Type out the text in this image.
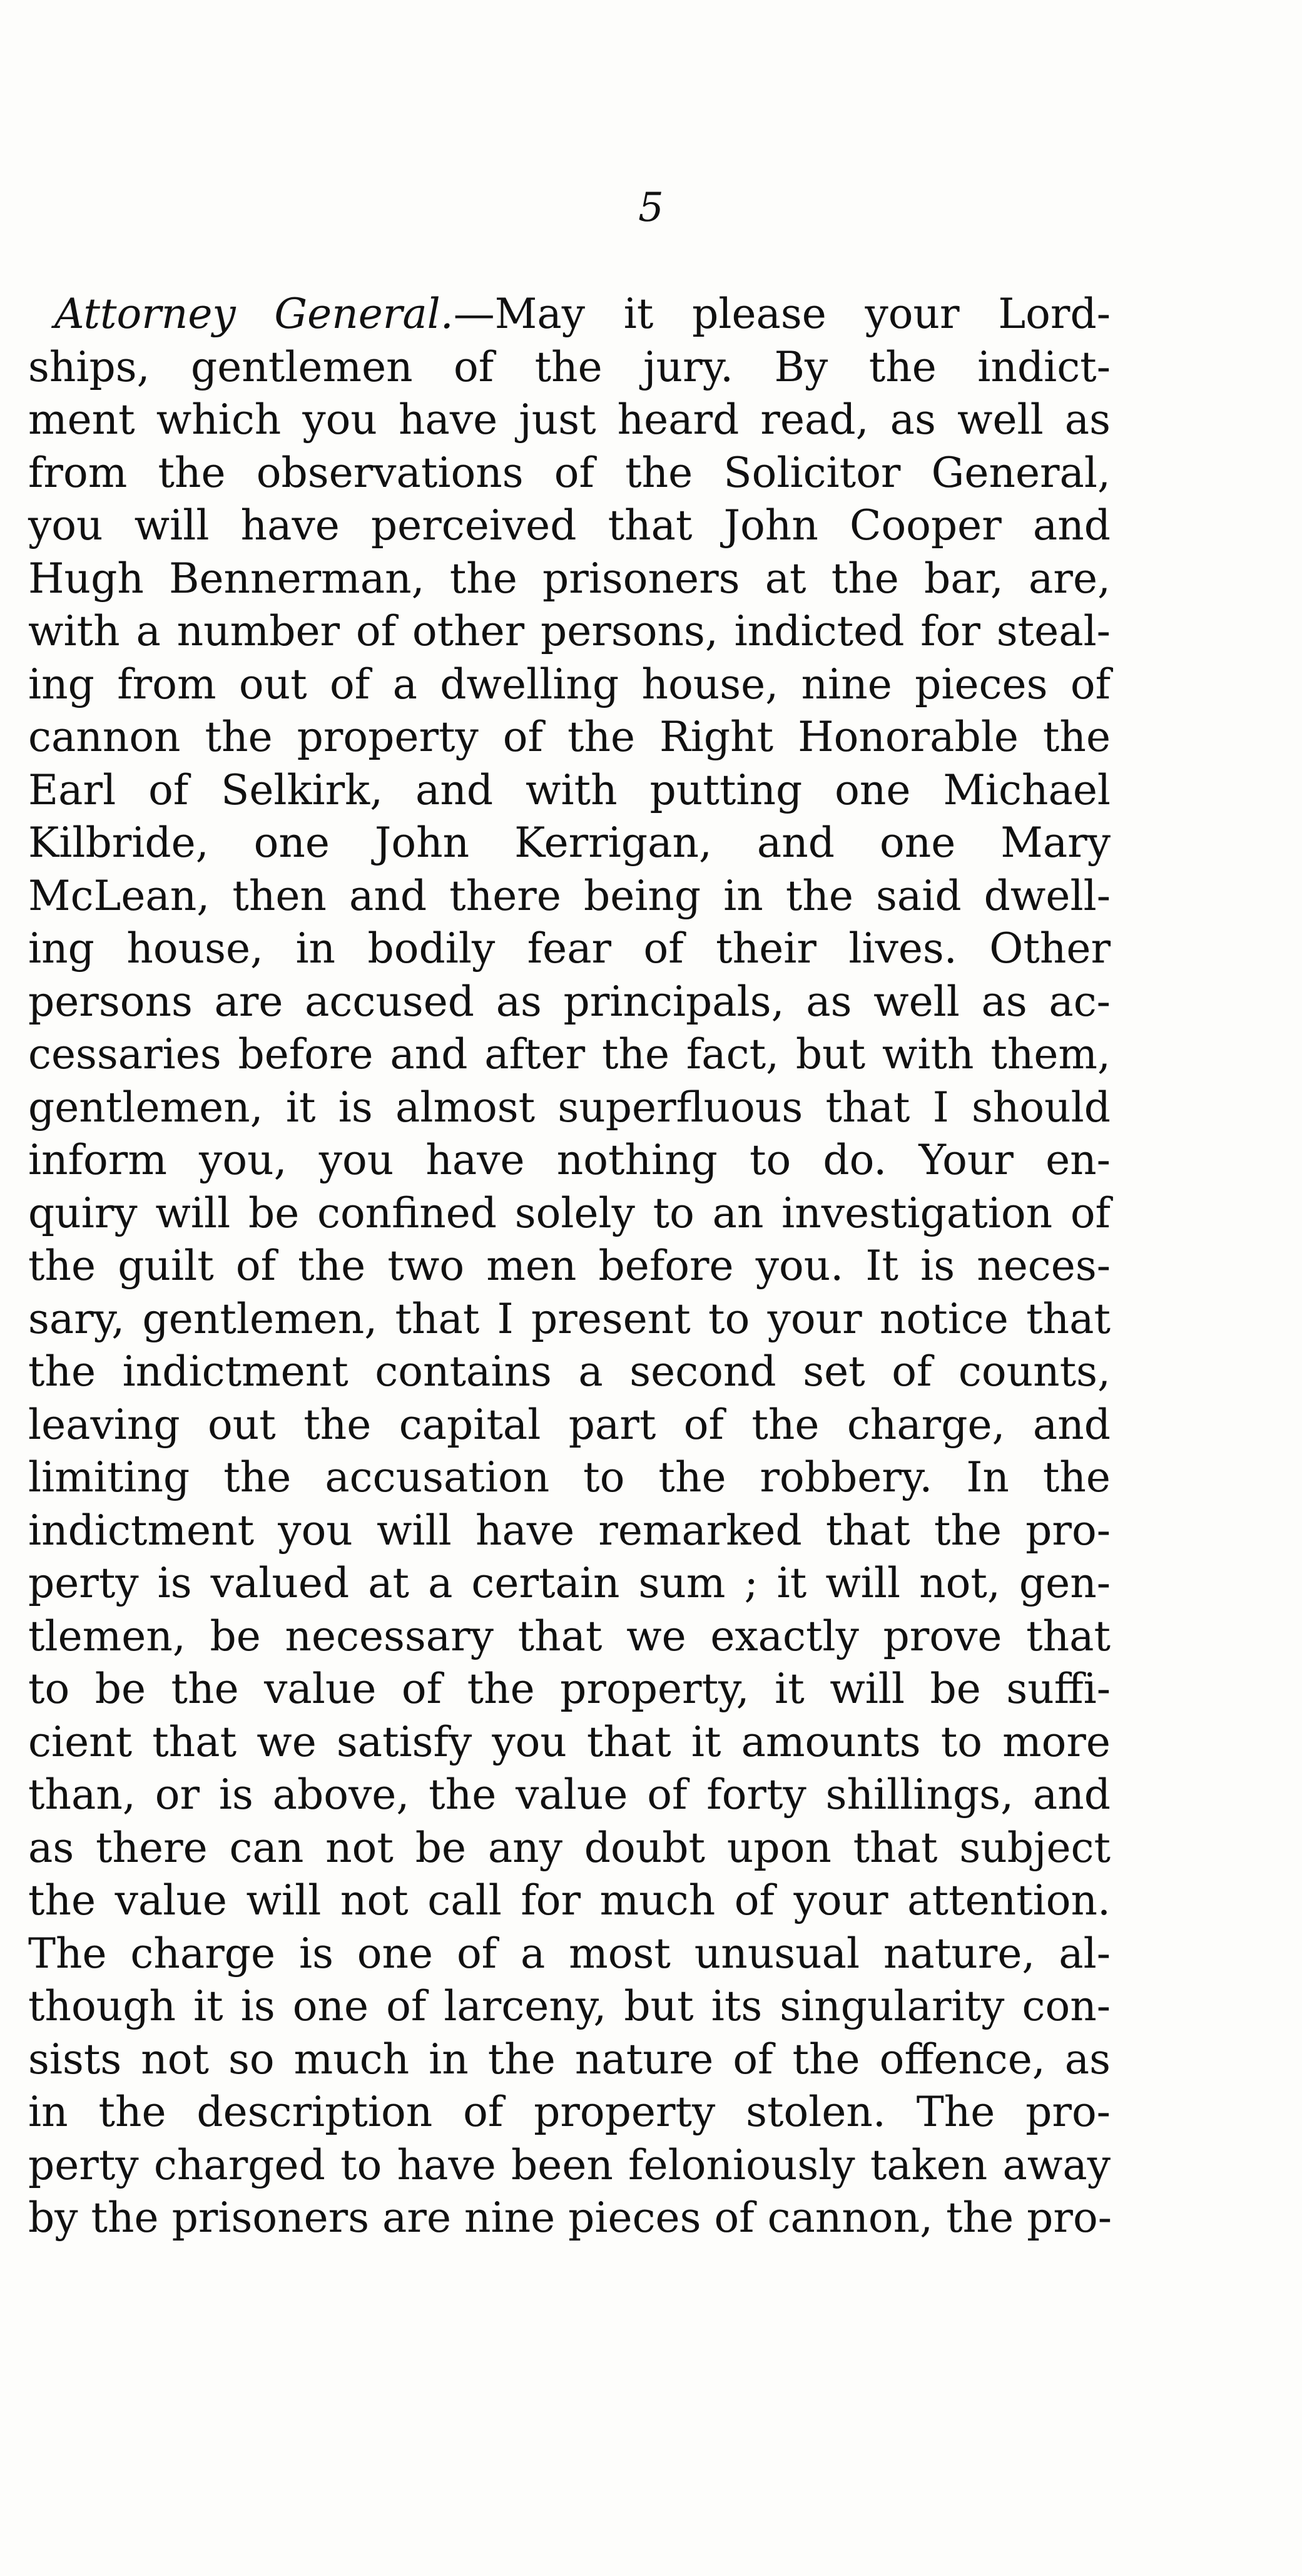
5
Attorney General.—May it please your Lord-
ships, gentlemen of the jury. By the indict-
ment which you have just heard read, as well as
from the observations of the Solicitor General,
you will have perceived that John Cooper and
Hugh Bennerman, the prisoners at the bar, are,
with a number of other persons, indicted for steal-
ing from out of a dwelling house, nine pieces of
cannon the property of the Right Honorable the
Earl of Selkirk, and with putting one Michael
Kilbride, one John Kerrigan, and one Mary
McLean, then and there being in the said dwell-
ing house, in bodily fear of their lives. Other
persons are accused as principals, as well as ac-
cessaries before and after the fact, but with them,
gentlemen, it is almost superfluous that I should
inform you, you have nothing to do. Your en-
quiry will be confined solely to an investigation of
the guilt of the two men before you. It is neces-
sary, gentlemen, that I present to your notice that
the indictment contains a second set of counts,
leaving out the capital part of the charge, and
limiting the accusation to the robbery. In the
indictment you will have remarked that the pro-
perty is valued at a certain sum ; it will not, gen-
tlemen, be necessary that we exactly prove that
to be the value of the property, it will be suffi-
cient that we satisfy you that it amounts to more
than, or is above, the value of forty shillings, and
as there can not be any doubt upon that subject
the value will not call for much of your attention.
The charge is one of a most unusual nature, al-
though it is one of larceny, but its singularity con-
sists not so much in the nature of the offence, as
in the description of property stolen. The pro-
perty charged to have been feloniously taken away
by the prisoners are nine pieces of cannon, the pro-
